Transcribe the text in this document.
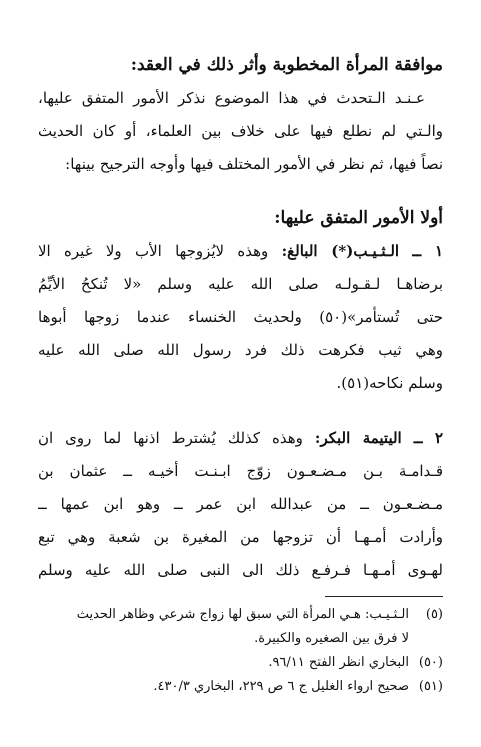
موافقة المرأة المخطوبة وأثر ذلك في العقد:
عـنـد الـتحدث في هذا الموضوع نذكر الأمور المتفق عليها،
والـتي لم نطلع فيها على خلاف بين العلماء، أو كان الحديث
نصاً فيها، ثم نظر في الأمور المختلف فيها وأوجه الترجيح بينها:
أولا الأمور المتفق عليها:
١ ــ الـثـيـب(*) البالغ: وهذه لايُزوجها الأب ولا غيره الا
برضاهـا لـقـولـه صلى الله عليه وسلم «لا تُنكحُ الأيِّمُ
حتى تُستأمر»(٥٠) ولحديث الخنساء عندما زوجها أبوها
وهي ثيب فكرهت ذلك فرد رسول الله صلى الله عليه
وسلم نكاحه(٥١).
٢ ــ اليتيمة البكر: وهذه كذلك يُشترط اذنها لما روى ان
قـدامـة بـن مـضـعـون زوّج ابـنـت أخيـه ــ عثمان بن
مـضـعـون ــ من عبدالله ابن عمر ــ وهو ابن عمها ــ
وأرادت أمـهـا أن تزوجها من المغيرة بن شعبة وهي تبع
لهـوى أمـهـا فـرفـع ذلك الى النبى صلى الله عليه وسلم
(٥)
الـثـيـب: هـي المرأة التي سبق لها زواج شرعي وظاهر الحديث
لا فرق بين الصغيره والكبيرة.
(٥٠)
البخاري انظر الفتح ٩٦/١١.
(٥١)
صحيح ارواء الغليل ج ٦ ص ٢٢٩، البخاري ٤٣٠/٣.
